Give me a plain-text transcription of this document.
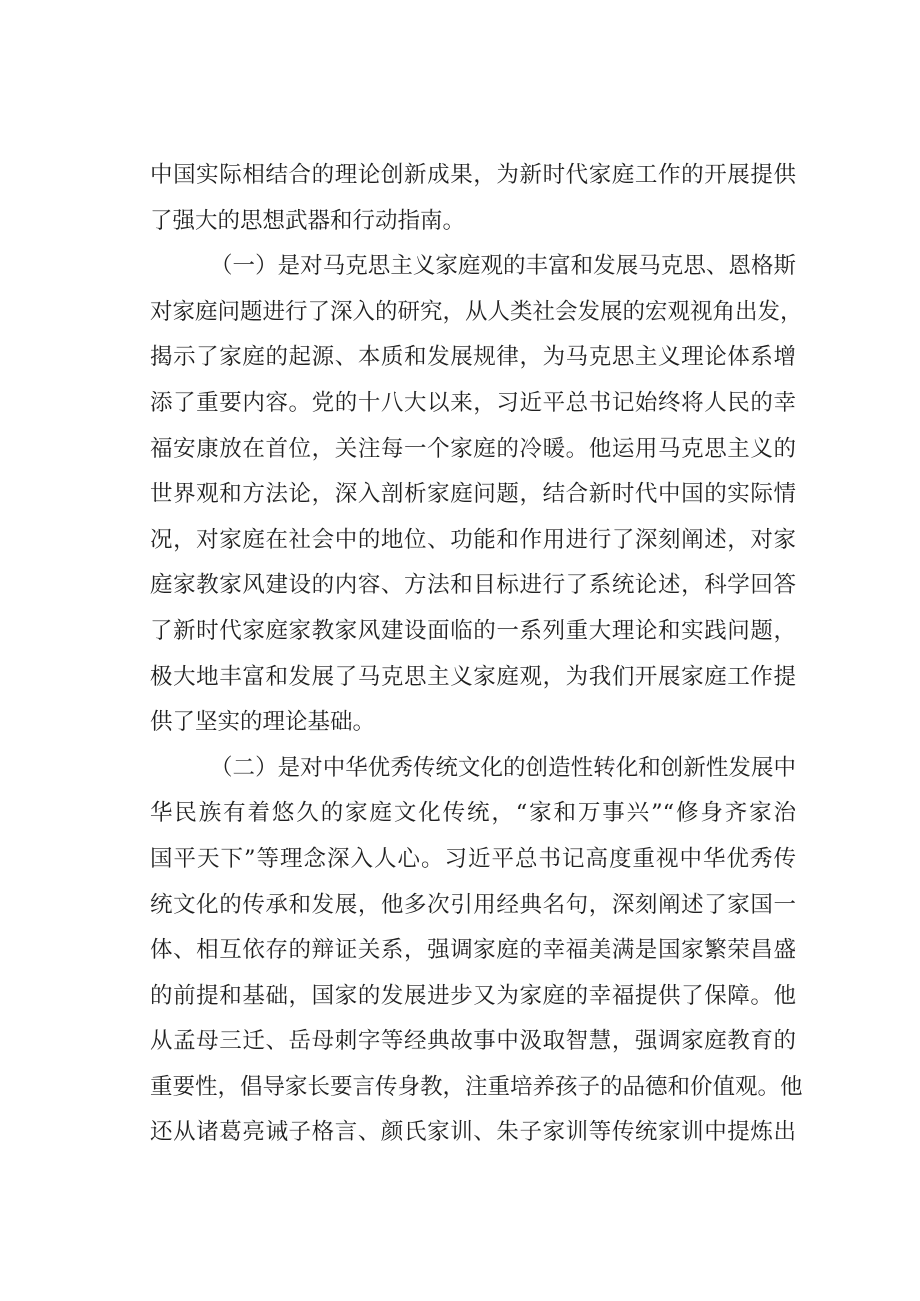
中国实际相结合的理论创新成果，为新时代家庭工作的开展提供
了强大的思想武器和行动指南。
（一）是对马克思主义家庭观的丰富和发展马克思、恩格斯
对家庭问题进行了深入的研究，从人类社会发展的宏观视角出发，
揭示了家庭的起源、本质和发展规律，为马克思主义理论体系增
添了重要内容。党的十八大以来，习近平总书记始终将人民的幸
福安康放在首位，关注每一个家庭的冷暖。他运用马克思主义的
世界观和方法论，深入剖析家庭问题，结合新时代中国的实际情
况，对家庭在社会中的地位、功能和作用进行了深刻阐述，对家
庭家教家风建设的内容、方法和目标进行了系统论述，科学回答
了新时代家庭家教家风建设面临的一系列重大理论和实践问题，
极大地丰富和发展了马克思主义家庭观，为我们开展家庭工作提
供了坚实的理论基础。
（二）是对中华优秀传统文化的创造性转化和创新性发展中
华民族有着悠久的家庭文化传统，“家和万事兴”“修身齐家治
国平天下”等理念深入人心。习近平总书记高度重视中华优秀传
统文化的传承和发展，他多次引用经典名句，深刻阐述了家国一
体、相互依存的辩证关系，强调家庭的幸福美满是国家繁荣昌盛
的前提和基础，国家的发展进步又为家庭的幸福提供了保障。他
从孟母三迁、岳母刺字等经典故事中汲取智慧，强调家庭教育的
重要性，倡导家长要言传身教，注重培养孩子的品德和价值观。他
还从诸葛亮诫子格言、颜氏家训、朱子家训等传统家训中提炼出
